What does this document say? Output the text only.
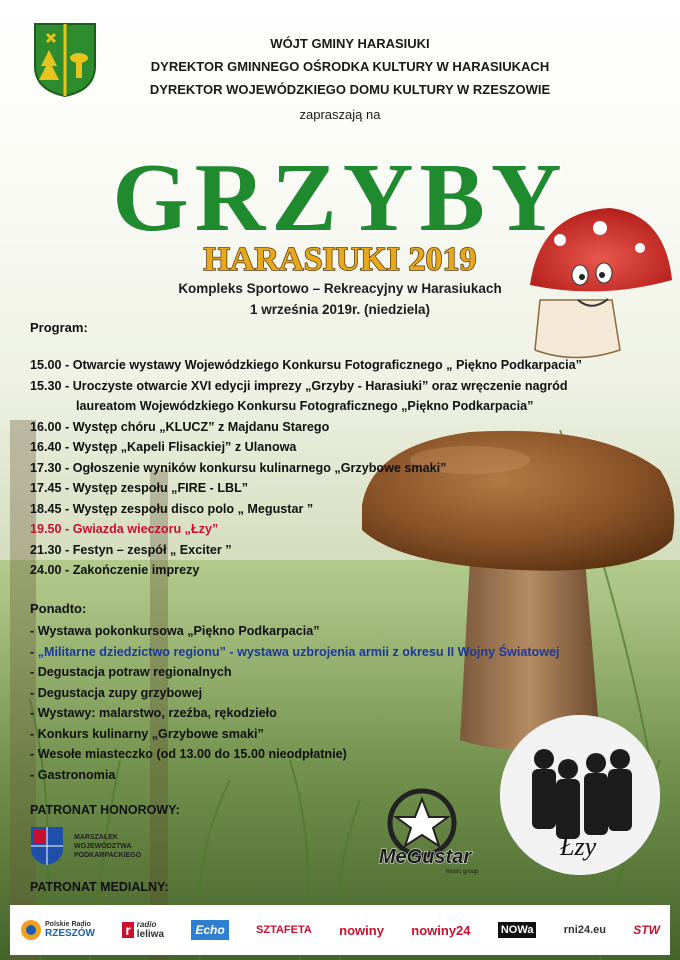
WÓJT GMINY HARASIUKI
DYREKTOR GMINNEGO OŚRODKA KULTURY W HARASIUKACH
DYREKTOR WOJEWÓDZKIEGO DOMU KULTURY W RZESZOWIE
zapraszają na
GRZYBY
HARASIUKI 2019
Kompleks Sportowo – Rekreacyjny w Harasiukach
1 września 2019r. (niedziela)
Program:
15.00 - Otwarcie wystawy Wojewódzkiego Konkursu Fotograficznego „ Piękno Podkarpacia”
15.30 - Uroczyste otwarcie XVI edycji imprezy „Grzyby - Harasiuki” oraz wręczenie nagród
laureatom Wojewódzkiego Konkursu Fotograficznego „Piękno Podkarpacia”
16.00 - Występ chóru „KLUCZ” z Majdanu Starego
16.40 - Występ „Kapeli Flisackiej” z Ulanowa
17.30 - Ogłoszenie wyników konkursu kulinarnego „Grzybowe smaki”
17.45 - Występ zespołu „FIRE - LBL”
18.45 - Występ zespołu disco polo „ Megustar ”
19.50 - Gwiazda wieczoru „Łzy”
21.30 - Festyn – zespół „ Exciter ”
24.00 - Zakończenie imprezy
Ponadto:
- Wystawa pokonkursowa „Piękno Podkarpacia”
- „Militarne dziedzictwo regionu” - wystawa uzbrojenia armii z okresu II Wojny Światowej
- Degustacja potraw regionalnych
- Degustacja zupy grzybowej
- Wystawy: malarstwo, rzeźba, rękodzieło
- Konkurs kulinarny „Grzybowe smaki”
- Wesołe miasteczko (od 13.00 do 15.00 nieodpłatnie)
- Gastronomia
Łzy
MeGustar
music group
PATRONAT HONOROWY:
MARSZAŁEK
WOJEWÓDZTWA
PODKARPACKIEGO
PATRONAT MEDIALNY:
Polskie Radio
RZESZÓW r radio
leliwa	Echo	SZTAFETA nowiny nowiny24	NOWa	rni24.eu STW
